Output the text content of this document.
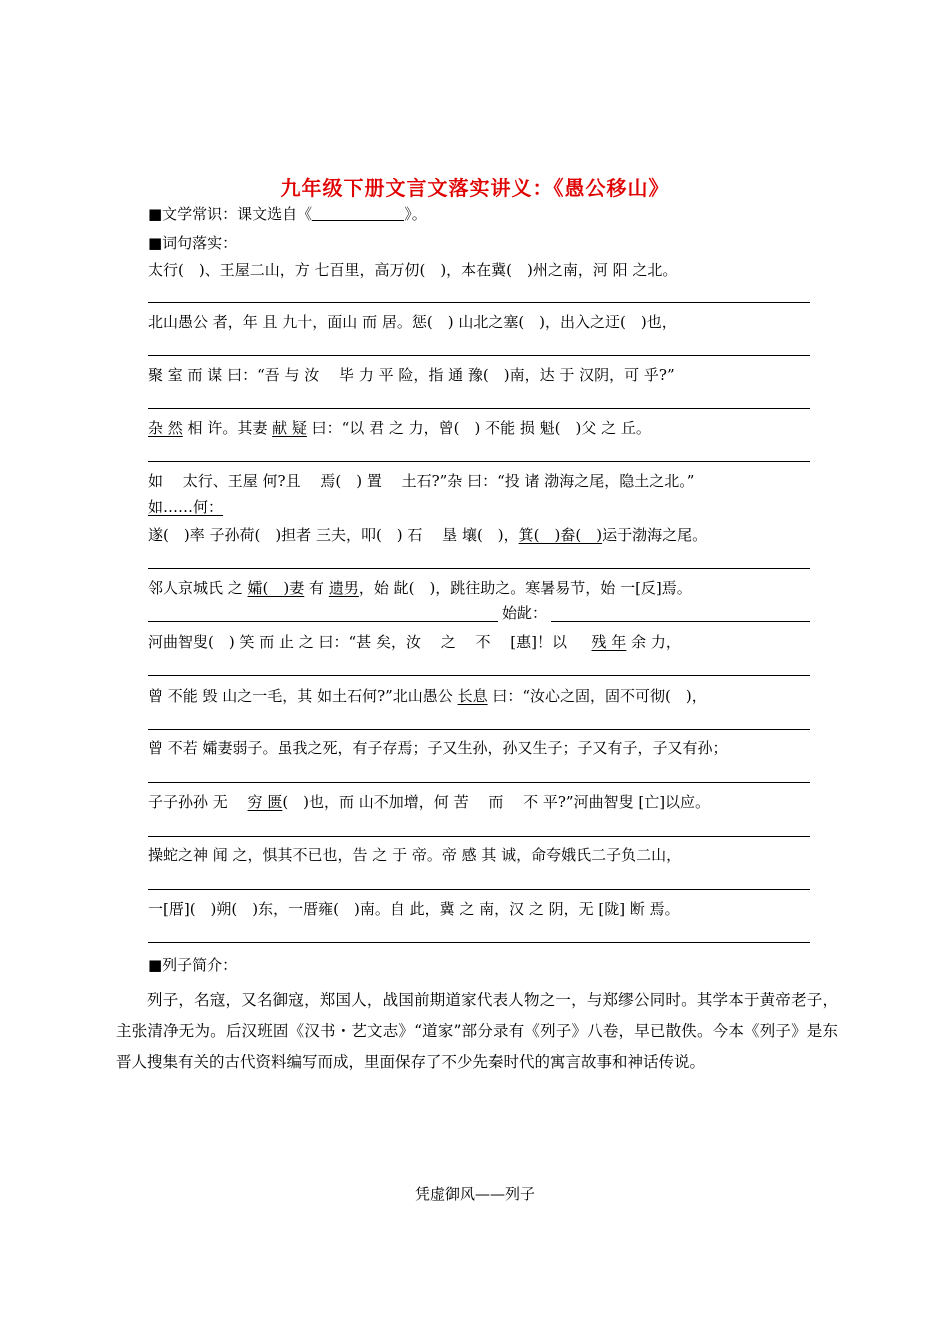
九年级下册文言文落实讲义：《愚公移山》
■文学常识：课文选自《	》。
■词句落实：
太行(　)、王屋二山，方 七百里，高万仞(　)，本在冀(　)州之南，河 阳 之北。
北山愚公 者，年 且 九十，面山 而 居。惩(　) 山北之塞(　)，出入之迂(　)也，
聚 室 而 谋 曰：“吾 与 汝 　毕 力 平 险，指 通 豫(　)南，达 于 汉阴，可 乎?”
杂 然 相 许。其妻 献 疑 曰：“以 君 之 力，曾(　) 不能 损 魁(　)父 之 丘。
如 　太行、王屋 何?且 　焉(　) 置 　土石?”杂 曰：“投 诸 渤海之尾，隐土之北。”
如……何：
遂(　)率 子孙荷(　)担者 三夫，叩(　) 石 　垦 壤(　)，箕(　)畚(　)运于渤海之尾。
邻人京城氏 之 孀(　)妻 有 遗男，始 龀(　)，跳往助之。寒暑易节，始 一[反]焉。
始龀：
河曲智叟(　) 笑 而 止 之 曰：“甚 矣，汝 　之 　不 　[惠]！以 　 残 年 余 力，
曾 不能 毁 山之一毛，其 如土石何?”北山愚公 长息 曰：“汝心之固，固不可彻(　)，
曾 不若 孀妻弱子。虽我之死，有子存焉；子又生孙，孙又生子；子又有子，子又有孙；
子子孙孙 无 　穷 匮(　)也，而 山不加增，何 苦 　而 　不 平?”河曲智叟 [亡]以应。
操蛇之神 闻 之，惧其不已也，告 之 于 帝。帝 感 其 诚，命夸娥氏二子负二山，
一[厝](　)朔(　)东，一厝雍(　)南。自 此，冀 之 南，汉 之 阴，无 [陇] 断 焉。
■列子简介：
列子，名寇，又名御寇，郑国人，战国前期道家代表人物之一，与郑缪公同时。其学本于黄帝老子，主张清净无为。后汉班固《汉书・艺文志》“道家”部分录有《列子》八卷，早已散佚。今本《列子》是东晋人搜集有关的古代资料编写而成，里面保存了不少先秦时代的寓言故事和神话传说。
凭虚御风——列子
